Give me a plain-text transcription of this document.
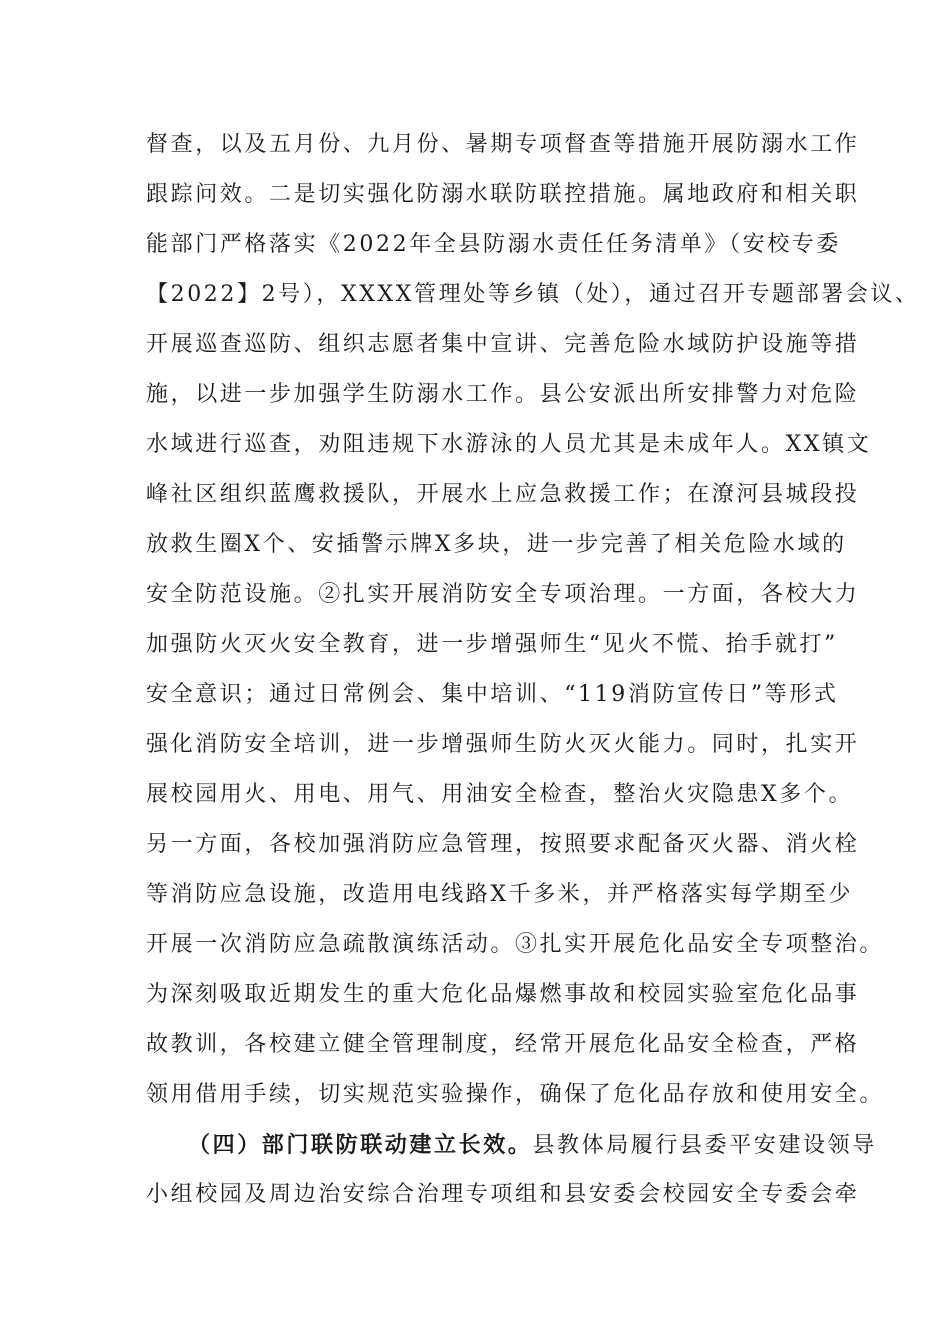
督查，以及五月份、九月份、暑期专项督查等措施开展防溺水工作
跟踪问效。二是切实强化防溺水联防联控措施。属地政府和相关职
能部门严格落实《2022年全县防溺水责任任务清单》（安校专委
【2022】2号），XXXX管理处等乡镇（处），通过召开专题部署会议、
开展巡查巡防、组织志愿者集中宣讲、完善危险水域防护设施等措
施，以进一步加强学生防溺水工作。县公安派出所安排警力对危险
水域进行巡查，劝阻违规下水游泳的人员尤其是未成年人。XX镇文
峰社区组织蓝鹰救援队，开展水上应急救援工作；在潦河县城段投
放救生圈X个、安插警示牌X多块，进一步完善了相关危险水域的
安全防范设施。②扎实开展消防安全专项治理。一方面，各校大力
加强防火灭火安全教育，进一步增强师生“见火不慌、抬手就打”
安全意识；通过日常例会、集中培训、“119消防宣传日”等形式
强化消防安全培训，进一步增强师生防火灭火能力。同时，扎实开
展校园用火、用电、用气、用油安全检查，整治火灾隐患X多个。
另一方面，各校加强消防应急管理，按照要求配备灭火器、消火栓
等消防应急设施，改造用电线路X千多米，并严格落实每学期至少
开展一次消防应急疏散演练活动。③扎实开展危化品安全专项整治。
为深刻吸取近期发生的重大危化品爆燃事故和校园实验室危化品事
故教训，各校建立健全管理制度，经常开展危化品安全检查，严格
领用借用手续，切实规范实验操作，确保了危化品存放和使用安全。
（四）部门联防联动建立长效。县教体局履行县委平安建设领导
小组校园及周边治安综合治理专项组和县安委会校园安全专委会牵
